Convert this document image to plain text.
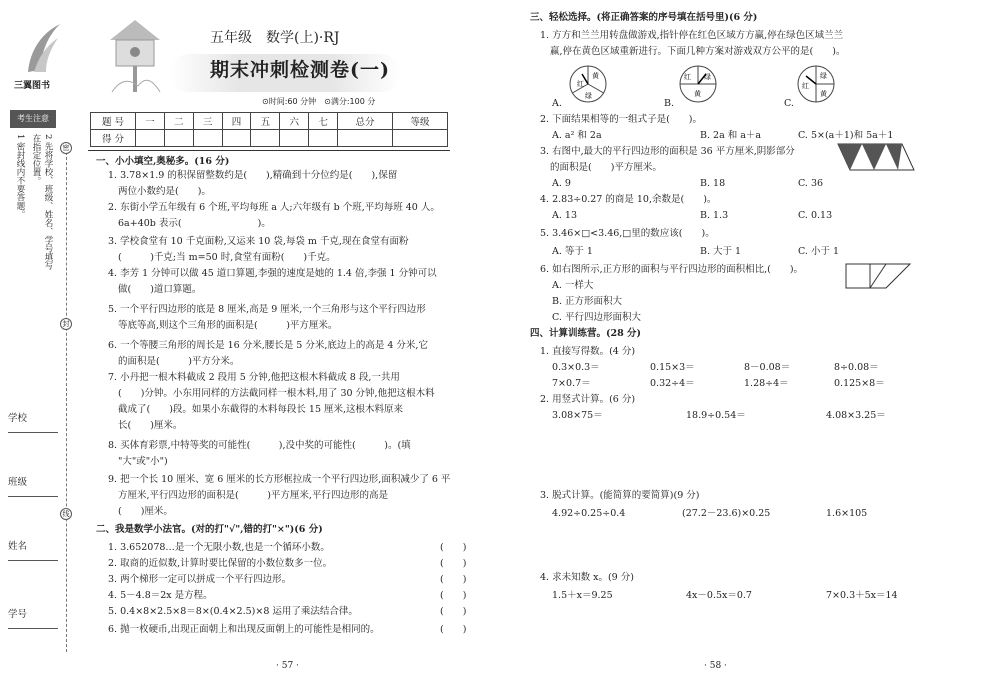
三翼图书
考生注意
1 密封线内不要答题。	2 先将学校、班级、姓名、学号填写在指定位置。	密
封
线
学校
班级
姓名
学号
五年级　数学(上)·RJ
期末冲刺检测卷(一)
⊙时间:60 分钟　⊙满分:100 分
题 号	一	二	三	四	五	六	七	总分	等级
得 分									
一、小小填空,奥秘多。(16 分)
1. 3.78×1.9 的积保留整数约是(　　),精确到十分位约是(　　),保留
两位小数约是(　　)。
2. 东街小学五年级有 6 个班,平均每班 a 人;六年级有 b 个班,平均每班 40 人。
6a+40b 表示(　　　　　　　　)。
3. 学校食堂有 10 千克面粉,又运来 10 袋,每袋 m 千克,现在食堂有面粉
(　　　)千克;当 m=50 时,食堂有面粉(　　)千克。
4. 李芳 1 分钟可以做 45 道口算题,李强的速度是她的 1.4 倍,李强 1 分钟可以
做(　　)道口算题。
5. 一个平行四边形的底是 8 厘米,高是 9 厘米,一个三角形与这个平行四边形
等底等高,则这个三角形的面积是(　　　)平方厘米。
6. 一个等腰三角形的周长是 16 分米,腰长是 5 分米,底边上的高是 4 分米,它
的面积是(　　　)平方分米。
7. 小丹把一根木料截成 2 段用 5 分钟,他把这根木料截成 8 段,一共用
(　　)分钟。小东用同样的方法截同样一根木料,用了 30 分钟,他把这根木料
截成了(　　)段。如果小东截得的木料每段长 15 厘米,这根木料原来
长(　　)厘米。
8. 买体育彩票,中特等奖的可能性(　　　),没中奖的可能性(　　　)。(填
"大"或"小")
9. 把一个长 10 厘米、宽 6 厘米的长方形框拉成一个平行四边形,面积减少了 6 平
方厘米,平行四边形的面积是(　　　)平方厘米,平行四边形的高是
(　　)厘米。
二、我是数学小法官。(对的打"√",错的打"×")(6 分)
1. 3.652078…是一个无限小数,也是一个循环小数。	(　　)
2. 取商的近似数,计算时要比保留的小数位数多一位。	(　　)
3. 两个梯形一定可以拼成一个平行四边形。	(　　)
4. 5－4.8＝2x 是方程。	(　　)
5. 0.4×8×2.5×8＝8×(0.4×2.5)×8 运用了乘法结合律。	(　　)
6. 抛一枚硬币,出现正面朝上和出现反面朝上的可能性是相同的。	(　　)
· 57 ·
三、轻松选择。(将正确答案的序号填在括号里)(6 分)
1. 方方和兰兰用转盘做游戏,指针停在红色区域方方赢,停在绿色区域兰兰
赢,停在黄色区域重新进行。下面几种方案对游戏双方公平的是(　　)。
黄
红
绿
红 绿
黄
红
绿
黄
A.	B.	C.
2. 下面结果相等的一组式子是(　　)。
A. a² 和 2a	B. 2a 和 a＋a	C. 5×(a＋1)和 5a＋1
3. 右图中,最大的平行四边形的面积是 36 平方厘米,阴影部分
的面积是(　　)平方厘米。
A. 9	B. 18	C. 36
4. 2.83÷0.27 的商是 10,余数是(　　)。
A. 13	B. 1.3	C. 0.13
5. 3.46×□<3.46,□里的数应该(　　)。
A. 等于 1	B. 大于 1	C. 小于 1
6. 如右图所示,正方形的面积与平行四边形的面积相比,(　　)。
A. 一样大
B. 正方形面积大
C. 平行四边形面积大
四、计算训练营。(28 分)
1. 直接写得数。(4 分)
0.3×0.3＝	0.15×3＝	8－0.08＝	8÷0.08＝
7×0.7＝	0.32÷4＝	1.28÷4＝	0.125×8＝
2. 用竖式计算。(6 分)
3.08×75＝	18.9÷0.54＝	4.08×3.25＝
3. 脱式计算。(能简算的要简算)(9 分)
4.92÷0.25÷0.4	(27.2－23.6)×0.25	1.6×105
4. 求未知数 x。(9 分)
1.5＋x＝9.25	4x－0.5x＝0.7	7×0.3＋5x＝14
· 58 ·
